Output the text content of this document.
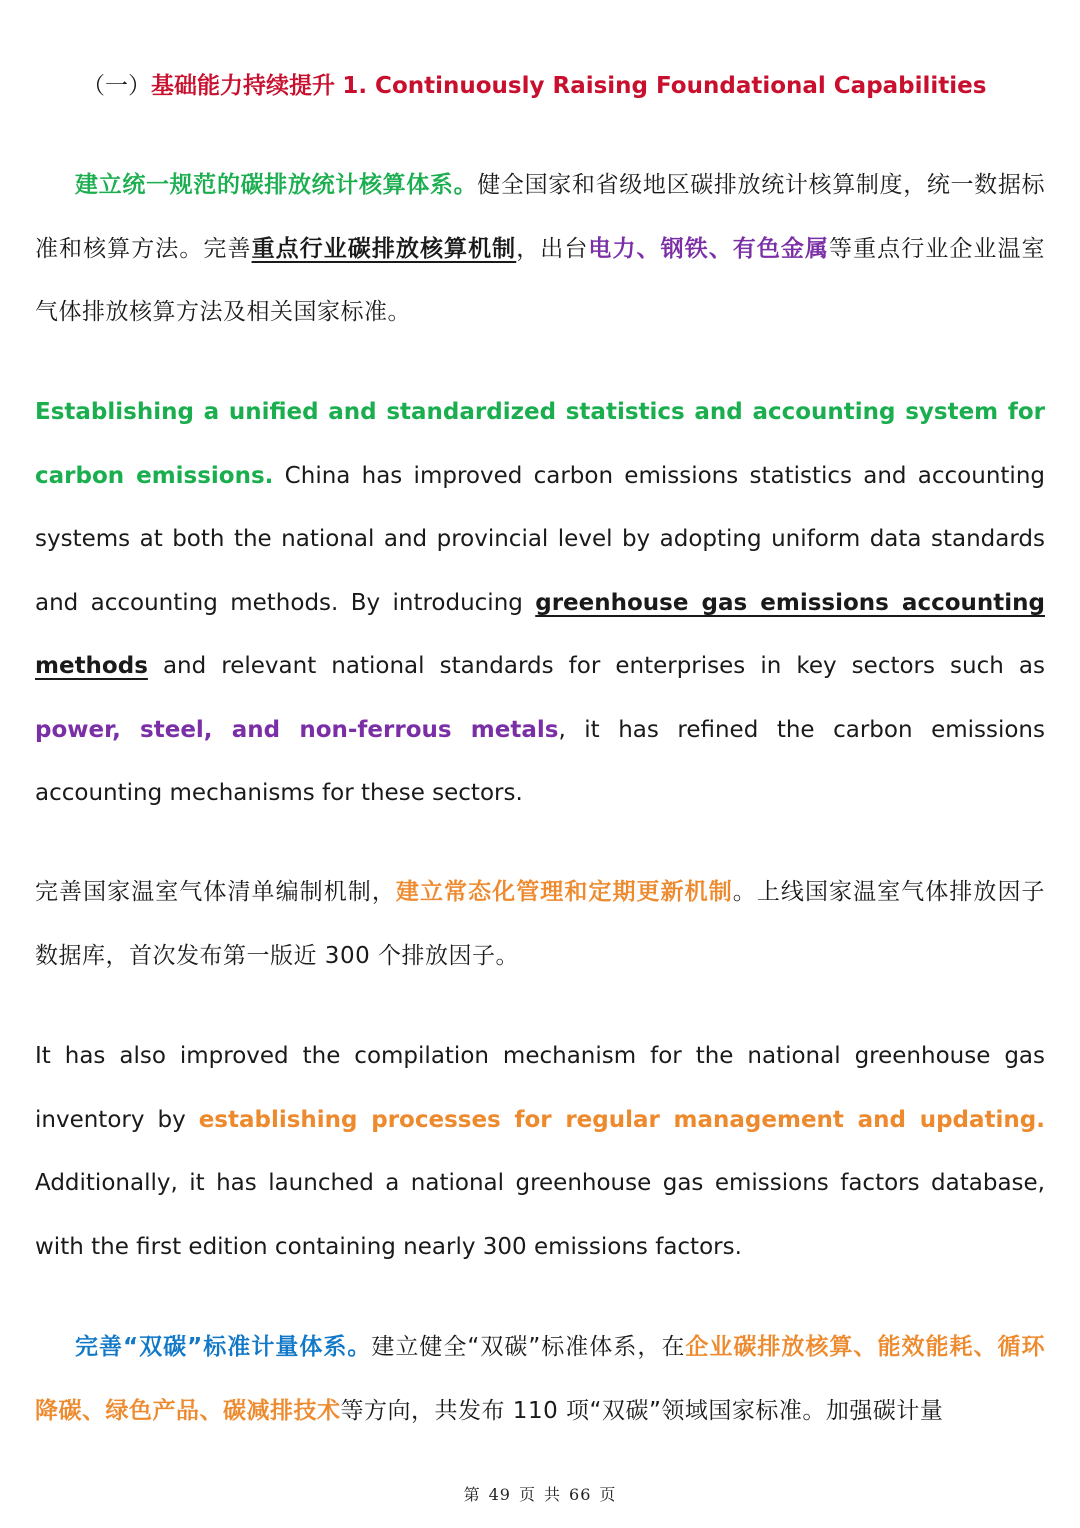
（一）基础能力持续提升 1. Continuously Raising Foundational Capabilities
建立统一规范的碳排放统计核算体系。健全国家和省级地区碳排放统计核算制度，统一数据标准和核算方法。完善重点行业碳排放核算机制，出台电力、钢铁、有色金属等重点行业企业温室气体排放核算方法及相关国家标准。
Establishing a unified and standardized statistics and accounting system for carbon emissions. China has improved carbon emissions statistics and accounting systems at both the national and provincial level by adopting uniform data standards and accounting methods. By introducing greenhouse gas emissions accounting methods and relevant national standards for enterprises in key sectors such as power, steel, and non-ferrous metals, it has refined the carbon emissions accounting mechanisms for these sectors.
完善国家温室气体清单编制机制，建立常态化管理和定期更新机制。上线国家温室气体排放因子数据库，首次发布第一版近 300 个排放因子。
It has also improved the compilation mechanism for the national greenhouse gas inventory by establishing processes for regular management and updating. Additionally, it has launched a national greenhouse gas emissions factors database, with the first edition containing nearly 300 emissions factors.
完善“双碳”标准计量体系。建立健全“双碳”标准体系，在企业碳排放核算、能效能耗、循环降碳、绿色产品、碳减排技术等方向，共发布 110 项“双碳”领域国家标准。加强碳计量
第 49 页 共 66 页
